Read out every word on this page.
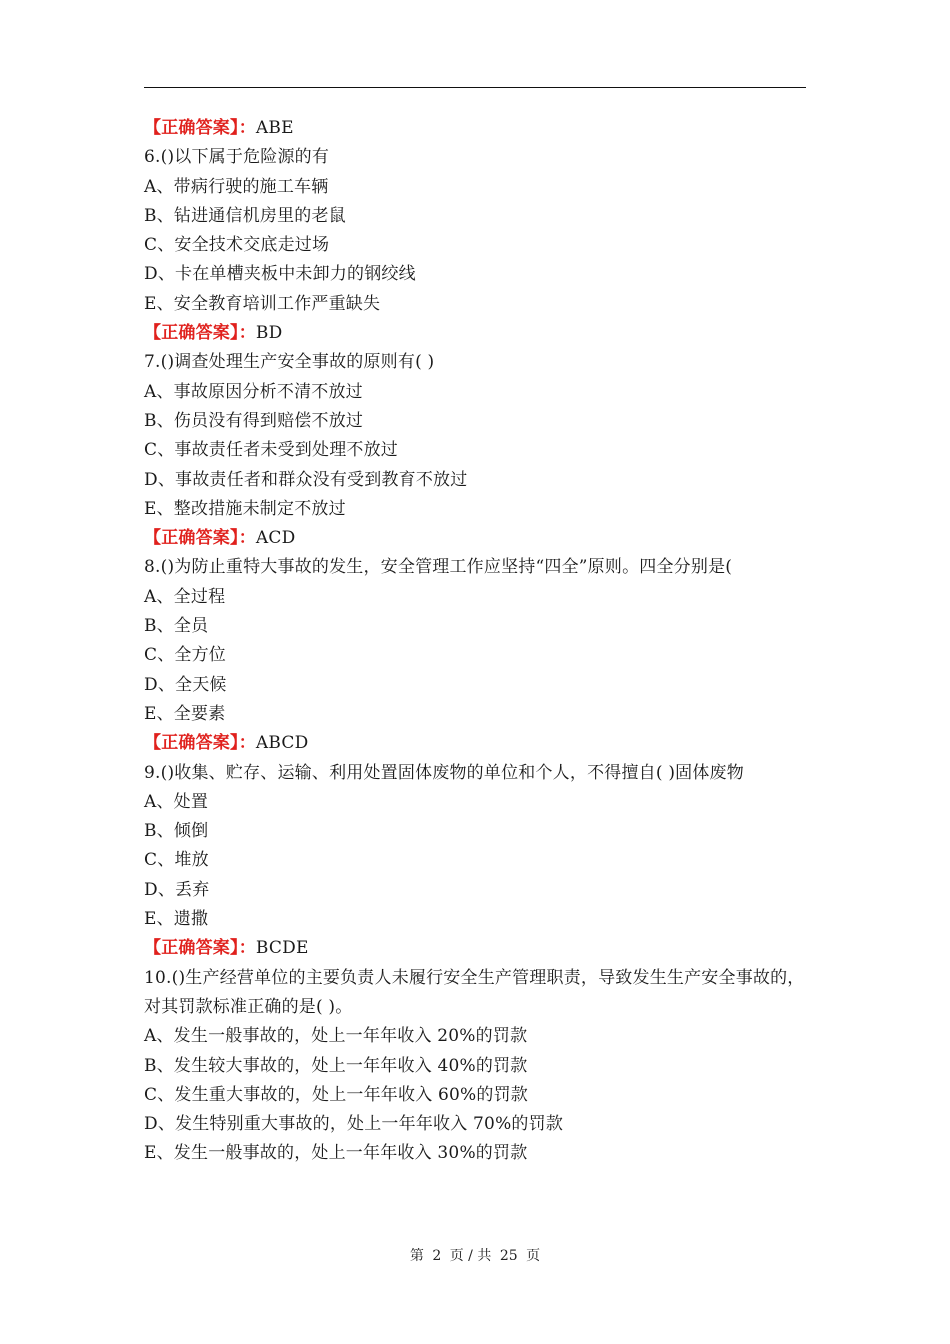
【正确答案】：ABE
6.()以下属于危险源的有
A、带病行驶的施工车辆
B、钻进通信机房里的老鼠
C、安全技术交底走过场
D、卡在单槽夹板中未卸力的钢绞线
E、安全教育培训工作严重缺失
【正确答案】：BD
7.()调查处理生产安全事故的原则有( )
A、事故原因分析不清不放过
B、伤员没有得到赔偿不放过
C、事故责任者未受到处理不放过
D、事故责任者和群众没有受到教育不放过
E、整改措施未制定不放过
【正确答案】：ACD
8.()为防止重特大事故的发生，安全管理工作应坚持“四全”原则。四全分别是(
A、全过程
B、全员
C、全方位
D、全天候
E、全要素
【正确答案】：ABCD
9.()收集、贮存、运输、利用处置固体废物的单位和个人，不得擅自( )固体废物
A、处置
B、倾倒
C、堆放
D、丢弃
E、遗撒
【正确答案】：BCDE
10.()生产经营单位的主要负责人未履行安全生产管理职责，导致发生生产安全事故的，对其罚款标准正确的是( )。
A、发生一般事故的，处上一年年收入 20%的罚款
B、发生较大事故的，处上一年年收入 40%的罚款
C、发生重大事故的，处上一年年收入 60%的罚款
D、发生特别重大事故的，处上一年年收入 70%的罚款
E、发生一般事故的，处上一年年收入 30%的罚款
第 2 页 / 共 25 页
